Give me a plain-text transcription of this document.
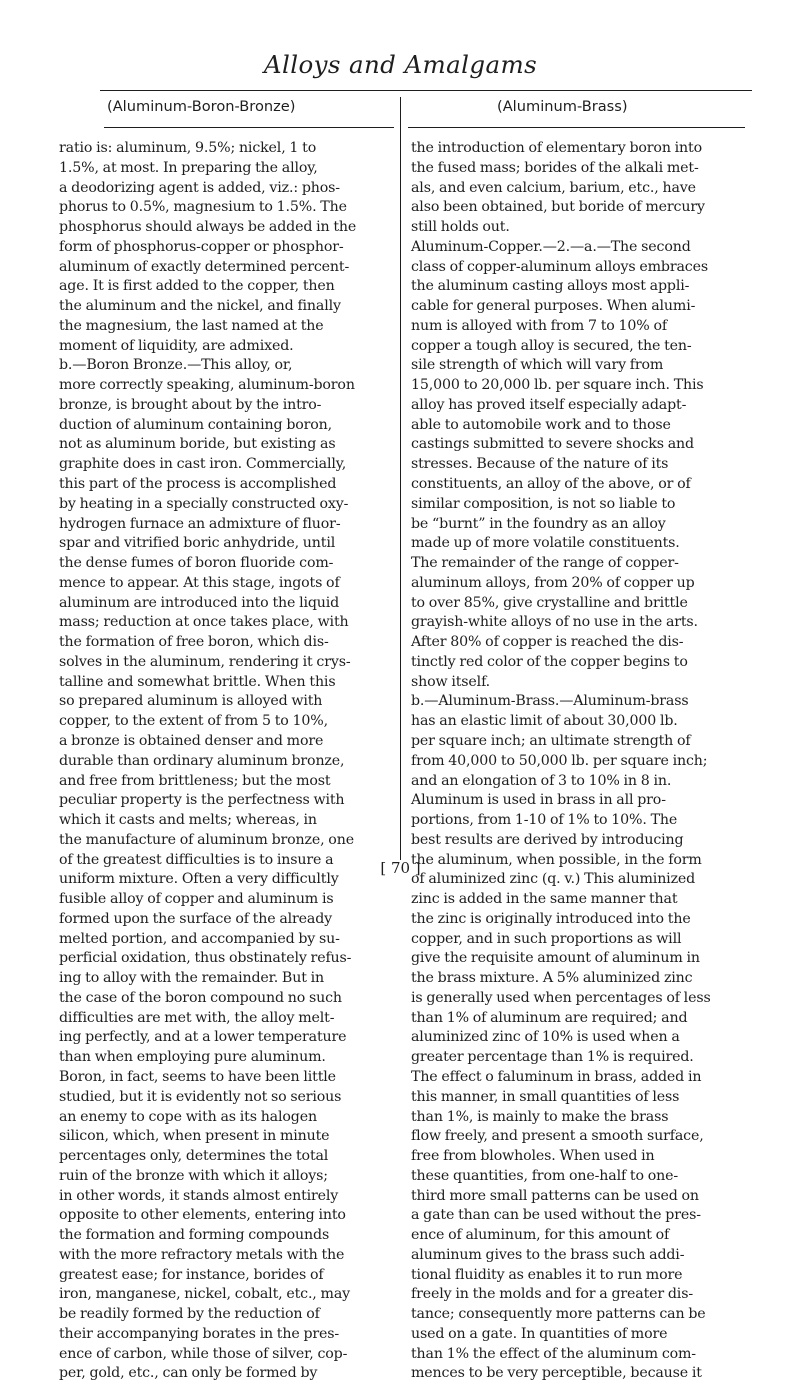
Alloys and Amalgams
(Aluminum-Boron-Bronze)	(Aluminum-Brass)
ratio is: aluminum, 9.5%; nickel, 1 to
1.5%, at most. In preparing the alloy,
a deodorizing agent is added, viz.: phos-
phorus to 0.5%, magnesium to 1.5%. The
phosphorus should always be added in the
form of phosphorus-copper or phosphor-
aluminum of exactly determined percent-
age. It is first added to the copper, then
the aluminum and the nickel, and finally
the magnesium, the last named at the
moment of liquidity, are admixed.
b.—Boron Bronze.—This alloy, or,
more correctly speaking, aluminum-boron
bronze, is brought about by the intro-
duction of aluminum containing boron,
not as aluminum boride, but existing as
graphite does in cast iron. Commercially,
this part of the process is accomplished
by heating in a specially constructed oxy-
hydrogen furnace an admixture of fluor-
spar and vitrified boric anhydride, until
the dense fumes of boron fluoride com-
mence to appear. At this stage, ingots of
aluminum are introduced into the liquid
mass; reduction at once takes place, with
the formation of free boron, which dis-
solves in the aluminum, rendering it crys-
talline and somewhat brittle. When this
so prepared aluminum is alloyed with
copper, to the extent of from 5 to 10%,
a bronze is obtained denser and more
durable than ordinary aluminum bronze,
and free from brittleness; but the most
peculiar property is the perfectness with
which it casts and melts; whereas, in
the manufacture of aluminum bronze, one
of the greatest difficulties is to insure a
uniform mixture. Often a very difficultly
fusible alloy of copper and aluminum is
formed upon the surface of the already
melted portion, and accompanied by su-
perficial oxidation, thus obstinately refus-
ing to alloy with the remainder. But in
the case of the boron compound no such
difficulties are met with, the alloy melt-
ing perfectly, and at a lower temperature
than when employing pure aluminum.
Boron, in fact, seems to have been little
studied, but it is evidently not so serious
an enemy to cope with as its halogen
silicon, which, when present in minute
percentages only, determines the total
ruin of the bronze with which it alloys;
in other words, it stands almost entirely
opposite to other elements, entering into
the formation and forming compounds
with the more refractory metals with the
greatest ease; for instance, borides of
iron, manganese, nickel, cobalt, etc., may
be readily formed by the reduction of
their accompanying borates in the pres-
ence of carbon, while those of silver, cop-
per, gold, etc., can only be formed by
the introduction of elementary boron into
the fused mass; borides of the alkali met-
als, and even calcium, barium, etc., have
also been obtained, but boride of mercury
still holds out.
Aluminum-Copper.—2.—a.—The second
class of copper-aluminum alloys embraces
the aluminum casting alloys most appli-
cable for general purposes. When alumi-
num is alloyed with from 7 to 10% of
copper a tough alloy is secured, the ten-
sile strength of which will vary from
15,000 to 20,000 lb. per square inch. This
alloy has proved itself especially adapt-
able to automobile work and to those
castings submitted to severe shocks and
stresses. Because of the nature of its
constituents, an alloy of the above, or of
similar composition, is not so liable to
be “burnt” in the foundry as an alloy
made up of more volatile constituents.
The remainder of the range of copper-
aluminum alloys, from 20% of copper up
to over 85%, give crystalline and brittle
grayish-white alloys of no use in the arts.
After 80% of copper is reached the dis-
tinctly red color of the copper begins to
show itself.
b.—Aluminum-Brass.—Aluminum-brass
has an elastic limit of about 30,000 lb.
per square inch; an ultimate strength of
from 40,000 to 50,000 lb. per square inch;
and an elongation of 3 to 10% in 8 in.
Aluminum is used in brass in all pro-
portions, from 1-10 of 1% to 10%. The
best results are derived by introducing
the aluminum, when possible, in the form
of aluminized zinc (q. v.) This aluminized
zinc is added in the same manner that
the zinc is originally introduced into the
copper, and in such proportions as will
give the requisite amount of aluminum in
the brass mixture. A 5% aluminized zinc
is generally used when percentages of less
than 1% of aluminum are required; and
aluminized zinc of 10% is used when a
greater percentage than 1% is required.
The effect o faluminum in brass, added in
this manner, in small quantities of less
than 1%, is mainly to make the brass
flow freely, and present a smooth surface,
free from blowholes. When used in
these quantities, from one-half to one-
third more small patterns can be used on
a gate than can be used without the pres-
ence of aluminum, for this amount of
aluminum gives to the brass such addi-
tional fluidity as enables it to run more
freely in the molds and for a greater dis-
tance; consequently more patterns can be
used on a gate. In quantities of more
than 1% the effect of the aluminum com-
mences to be very perceptible, because it
[ 70 ]
